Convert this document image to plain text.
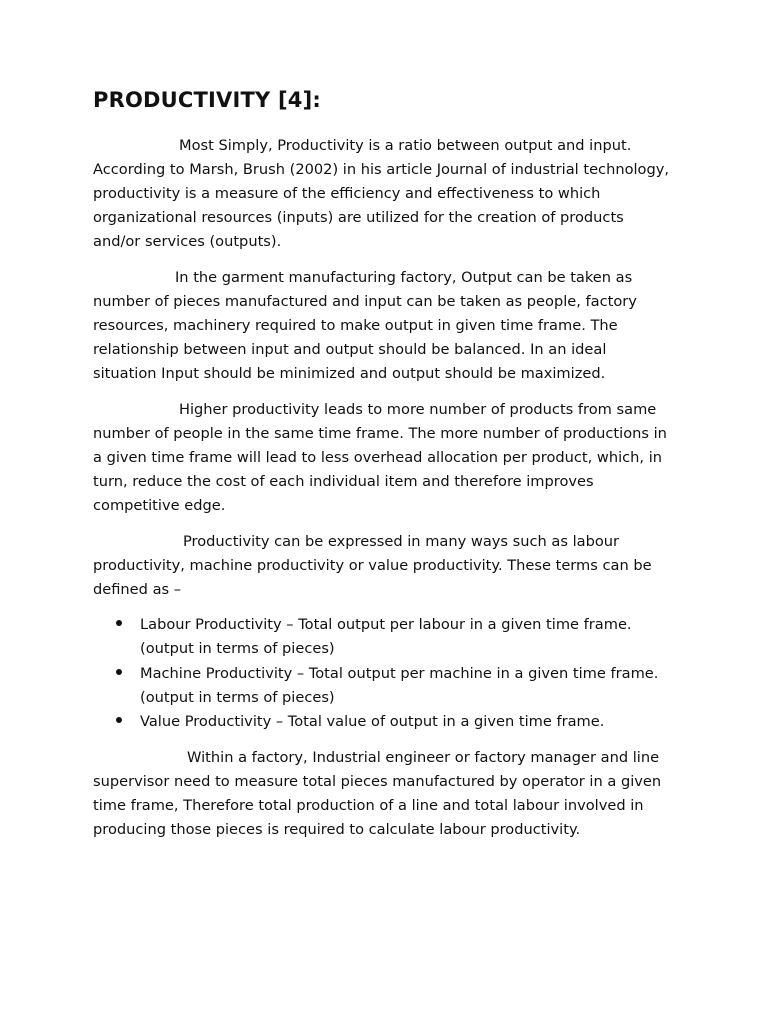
PRODUCTIVITY [4]:

Most Simply, Productivity is a ratio between output and input.

According to Marsh, Brush (2002) in his article Journal of industrial technology,

productivity is a measure of the efficiency and effectiveness to which

organizational resources (inputs) are utilized for the creation of products

and/or services (outputs).

In the garment manufacturing factory, Output can be taken as

number of pieces manufactured and input can be taken as people, factory

resources, machinery required to make output in given time frame. The

relationship between input and output should be balanced. In an ideal

situation Input should be minimized and output should be maximized.

Higher productivity leads to more number of products from same

number of people in the same time frame. The more number of productions in

a given time frame will lead to less overhead allocation per product, which, in

turn, reduce the cost of each individual item and therefore improves

competitive edge.

Productivity can be expressed in many ways such as labour

productivity, machine productivity or value productivity. These terms can be

defined as –

Labour Productivity – Total output per labour in a given time frame.

(output in terms of pieces)

Machine Productivity – Total output per machine in a given time frame.

(output in terms of pieces)

Value Productivity – Total value of output in a given time frame.

Within a factory, Industrial engineer or factory manager and line

supervisor need to measure total pieces manufactured by operator in a given

time frame, Therefore total production of a line and total labour involved in

producing those pieces is required to calculate labour productivity.
